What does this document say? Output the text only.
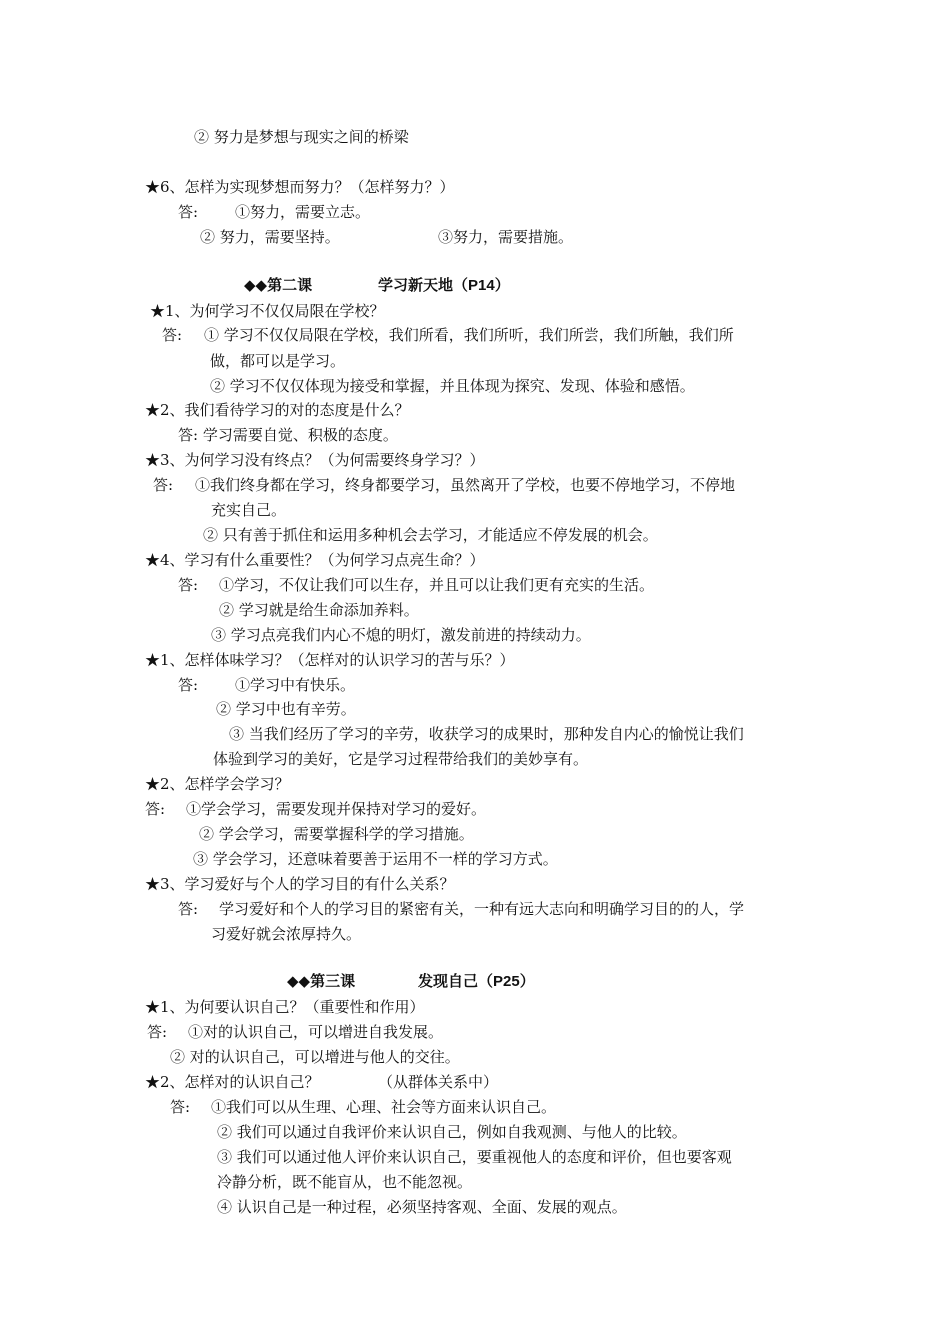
② 努力是梦想与现实之间的桥梁
★6、怎样为实现梦想而努力？（怎样努力？）
答: ①努力，需要立志。
② 努力，需要坚持。	③努力，需要措施。
◆◆第二课	学习新天地（P14）
★1、为何学习不仅仅局限在学校？
答: ① 学习不仅仅局限在学校，我们所看，我们所听，我们所尝，我们所触，我们所
做，都可以是学习。
② 学习不仅仅体现为接受和掌握，并且体现为探究、发现、体验和感悟。
★2、我们看待学习的对的态度是什么？
答: 学习需要自觉、积极的态度。
★3、为何学习没有终点？（为何需要终身学习？）
答: ①我们终身都在学习，终身都要学习，虽然离开了学校，也要不停地学习，不停地
充实自己。
② 只有善于抓住和运用多种机会去学习，才能适应不停发展的机会。
★4、学习有什么重要性？（为何学习点亮生命？）
答: ①学习，不仅让我们可以生存，并且可以让我们更有充实的生活。
② 学习就是给生命添加养料。
③ 学习点亮我们内心不熄的明灯，激发前进的持续动力。
★1、怎样体味学习？（怎样对的认识学习的苦与乐？）
答: ①学习中有快乐。
② 学习中也有辛劳。
③ 当我们经历了学习的辛劳，收获学习的成果时，那种发自内心的愉悦让我们
体验到学习的美好，它是学习过程带给我们的美妙享有。
★2、怎样学会学习？
答: ①学会学习，需要发现并保持对学习的爱好。
② 学会学习，需要掌握科学的学习措施。
③ 学会学习，还意味着要善于运用不一样的学习方式。
★3、学习爱好与个人的学习目的有什么关系？
答: 学习爱好和个人的学习目的紧密有关，一种有远大志向和明确学习目的的人，学
习爱好就会浓厚持久。
◆◆第三课	发现自己（P25）
★1、为何要认识自己？（重要性和作用）
答: ①对的认识自己，可以增进自我发展。
② 对的认识自己，可以增进与他人的交往。
★2、怎样对的认识自己？	（从群体关系中）
答: ①我们可以从生理、心理、社会等方面来认识自己。
② 我们可以通过自我评价来认识自己，例如自我观测、与他人的比较。
③ 我们可以通过他人评价来认识自己，要重视他人的态度和评价，但也要客观
冷静分析，既不能盲从，也不能忽视。
④ 认识自己是一种过程，必须坚持客观、全面、发展的观点。
